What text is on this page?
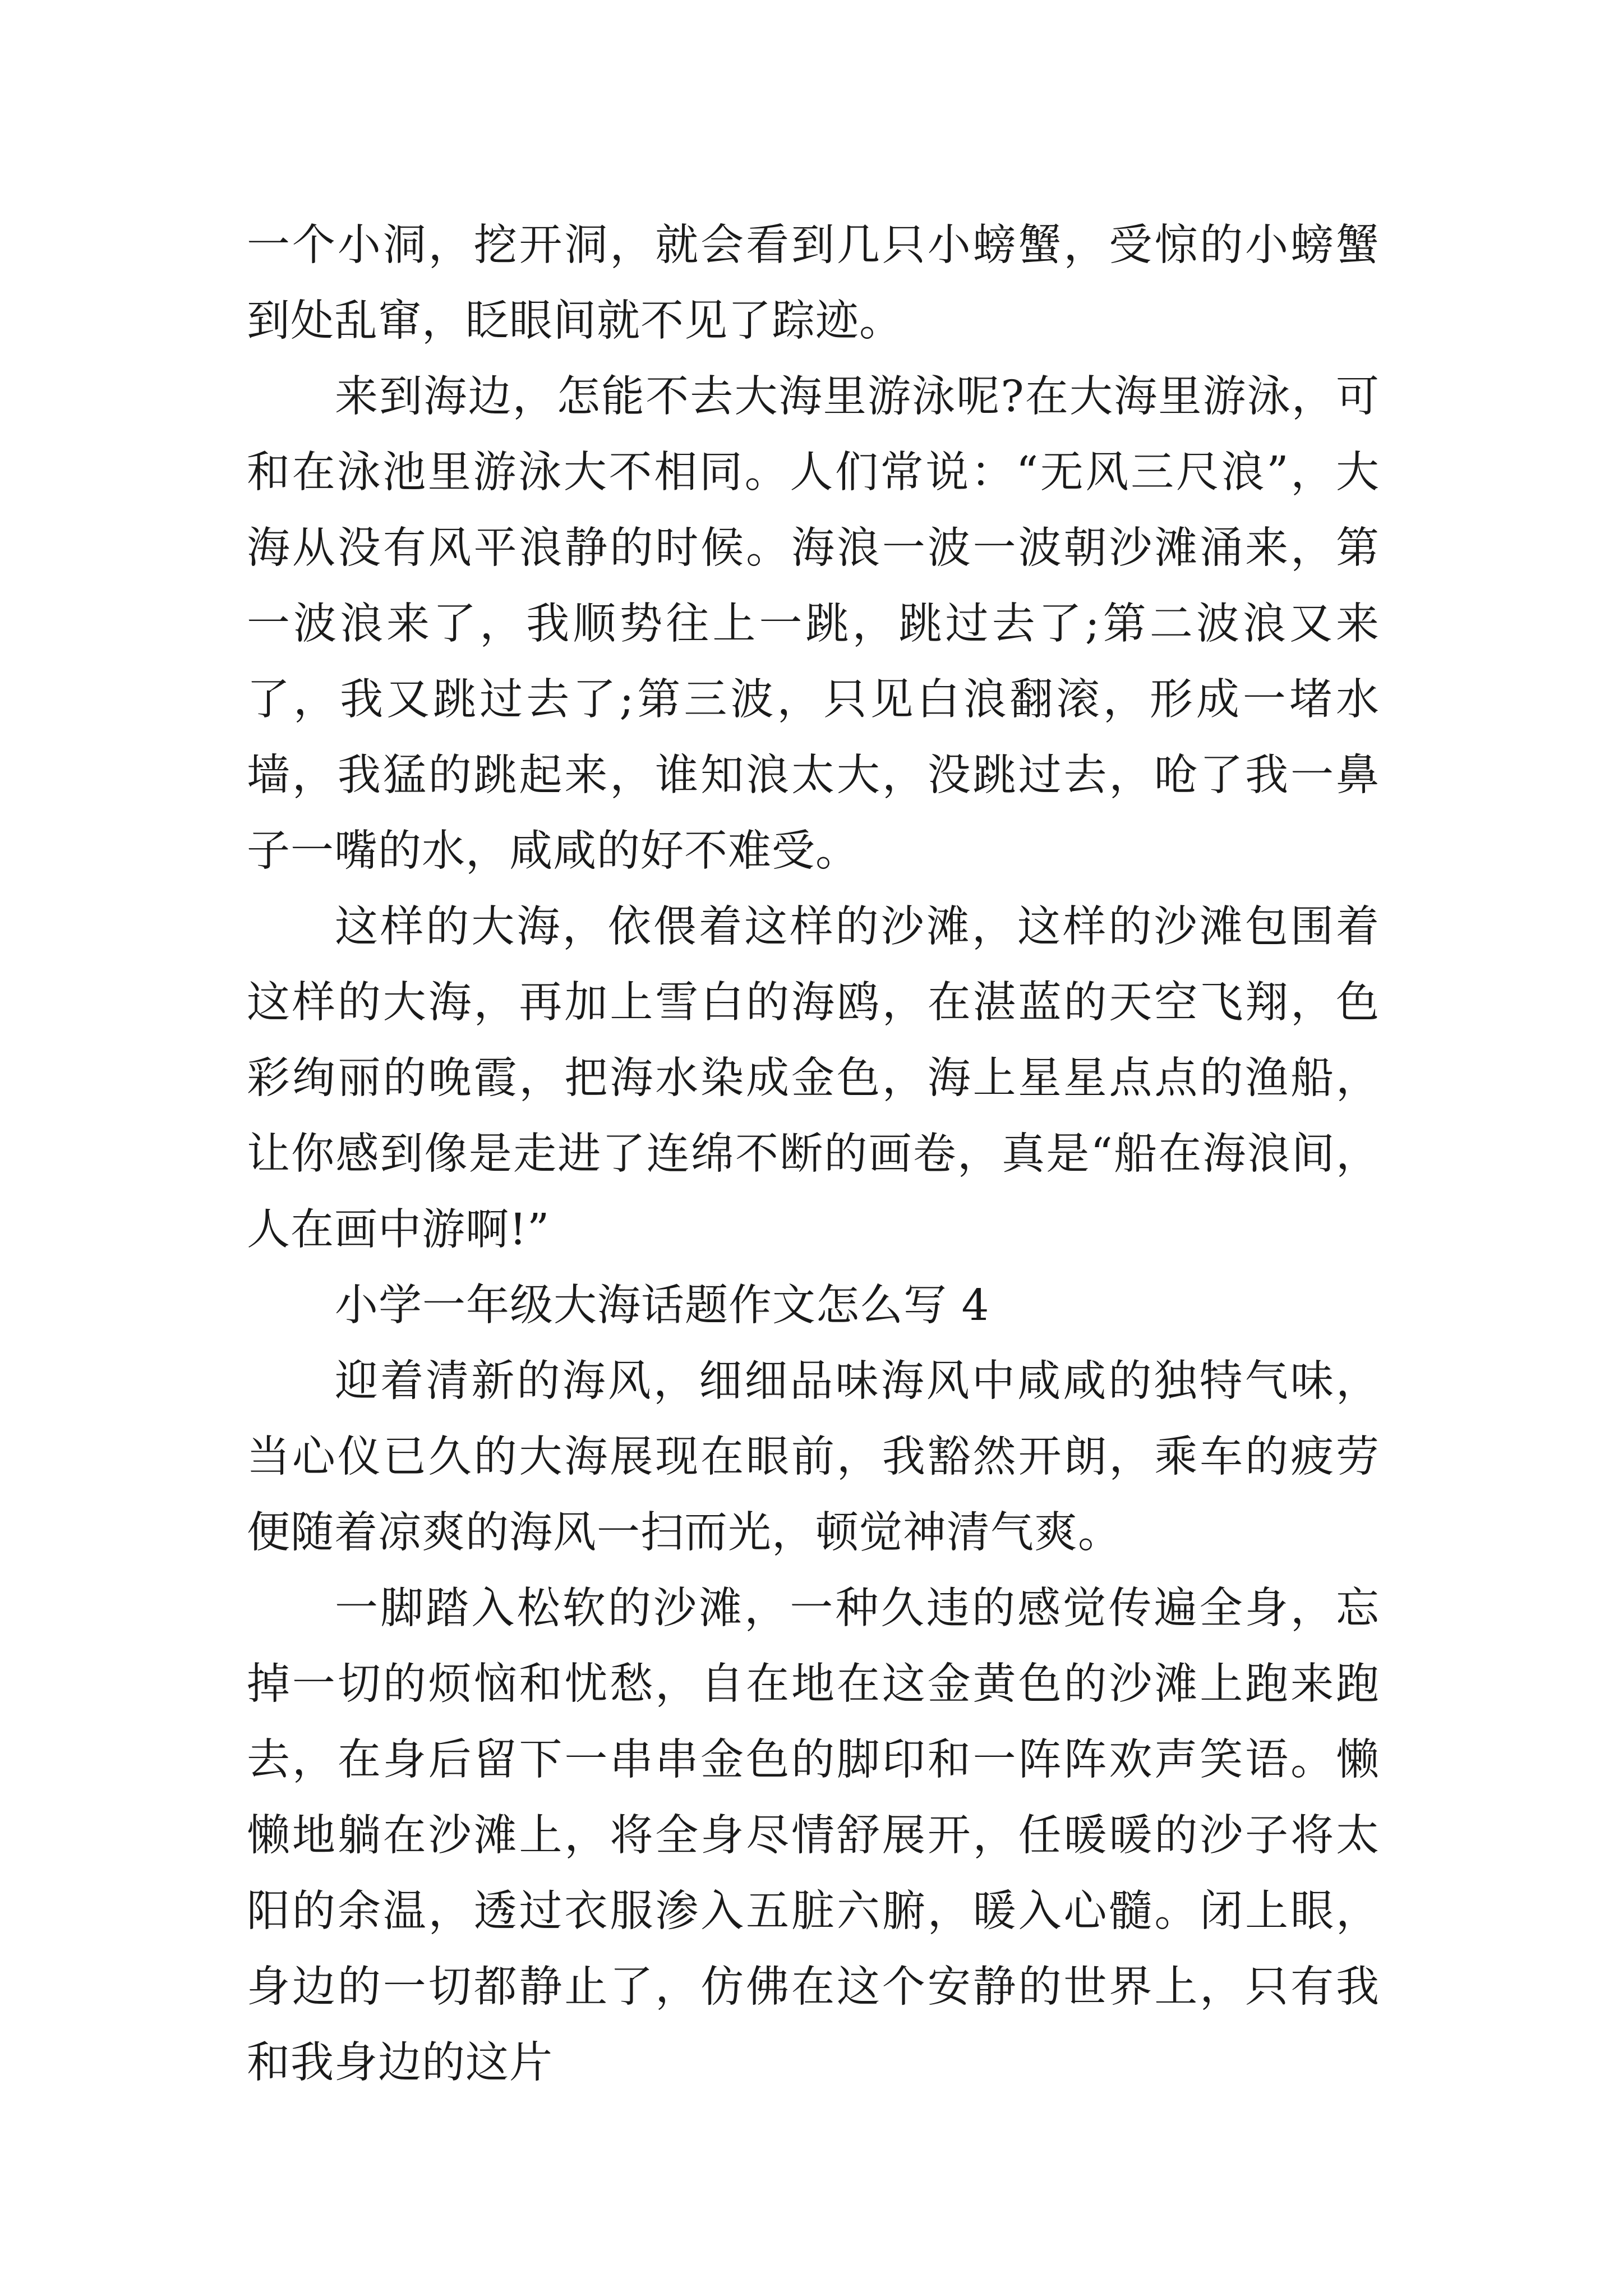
一个小洞，挖开洞，就会看到几只小螃蟹，受惊的小螃蟹到处乱窜，眨眼间就不见了踪迹。

来到海边，怎能不去大海里游泳呢?在大海里游泳，可和在泳池里游泳大不相同。人们常说：“无风三尺浪”，大海从没有风平浪静的时候。海浪一波一波朝沙滩涌来，第一波浪来了，我顺势往上一跳，跳过去了;第二波浪又来了，我又跳过去了;第三波，只见白浪翻滚，形成一堵水墙，我猛的跳起来，谁知浪太大，没跳过去，呛了我一鼻子一嘴的水，咸咸的好不难受。

这样的大海，依偎着这样的沙滩，这样的沙滩包围着这样的大海，再加上雪白的海鸥，在湛蓝的天空飞翔，色彩绚丽的晚霞，把海水染成金色，海上星星点点的渔船，让你感到像是走进了连绵不断的画卷，真是“船在海浪间，人在画中游啊!”

小学一年级大海话题作文怎么写 4

迎着清新的海风，细细品味海风中咸咸的独特气味，当心仪已久的大海展现在眼前，我豁然开朗，乘车的疲劳便随着凉爽的海风一扫而光，顿觉神清气爽。

一脚踏入松软的沙滩，一种久违的感觉传遍全身，忘掉一切的烦恼和忧愁，自在地在这金黄色的沙滩上跑来跑去，在身后留下一串串金色的脚印和一阵阵欢声笑语。懒懒地躺在沙滩上，将全身尽情舒展开，任暖暖的沙子将太阳的余温，透过衣服渗入五脏六腑，暖入心髓。闭上眼，身边的一切都静止了，仿佛在这个安静的世界上，只有我和我身边的这片
